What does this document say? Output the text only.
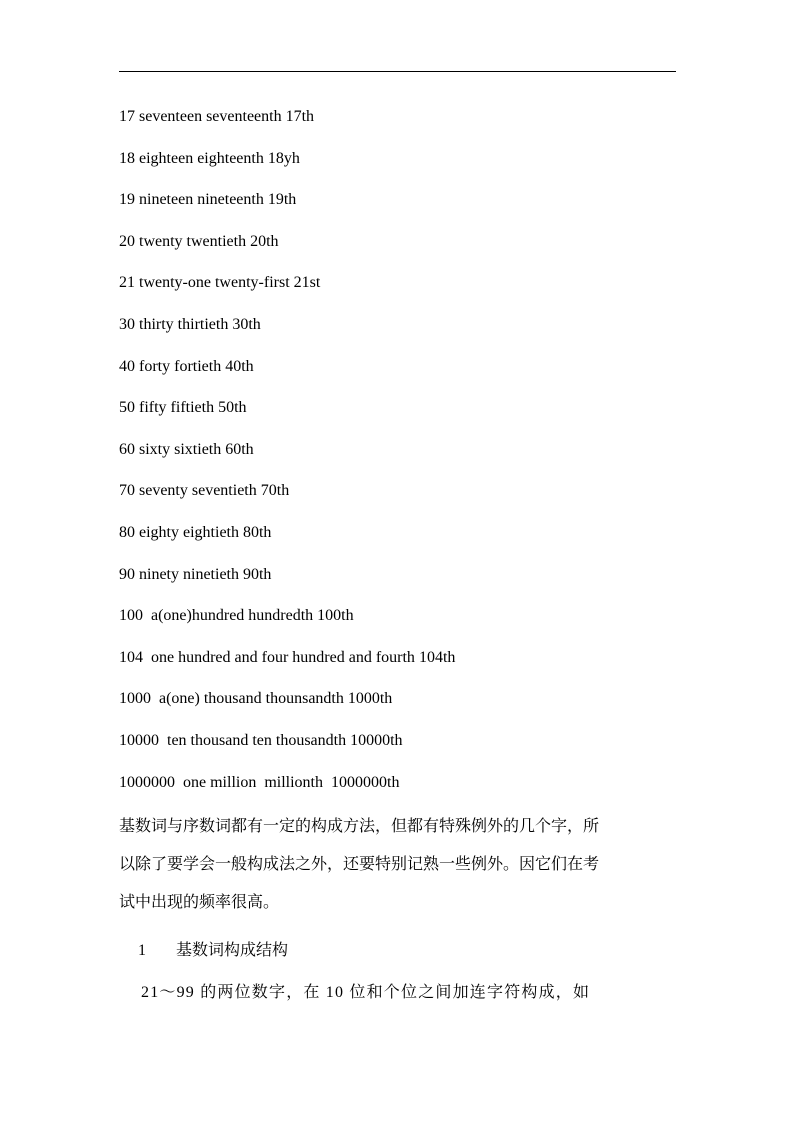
17 seventeen seventeenth 17th
18 eighteen eighteenth 18yh
19 nineteen nineteenth 19th
20 twenty twentieth 20th
21 twenty-one twenty-first 21st
30 thirty thirtieth 30th
40 forty fortieth 40th
50 fifty fiftieth 50th
60 sixty sixtieth 60th
70 seventy seventieth 70th
80 eighty eightieth 80th
90 ninety ninetieth 90th
100  a(one)hundred hundredth 100th
104  one hundred and four hundred and fourth 104th
1000  a(one) thousand thounsandth 1000th
10000  ten thousand ten thousandth 10000th
1000000  one million  millionth  1000000th

基数词与序数词都有一定的构成方法，但都有特殊例外的几个字，所
以除了要学会一般构成法之外，还要特别记熟一些例外。因它们在考
试中出现的频率很高。

1 基数词构成结构

21～99 的两位数字，在 10 位和个位之间加连字符构成，如
